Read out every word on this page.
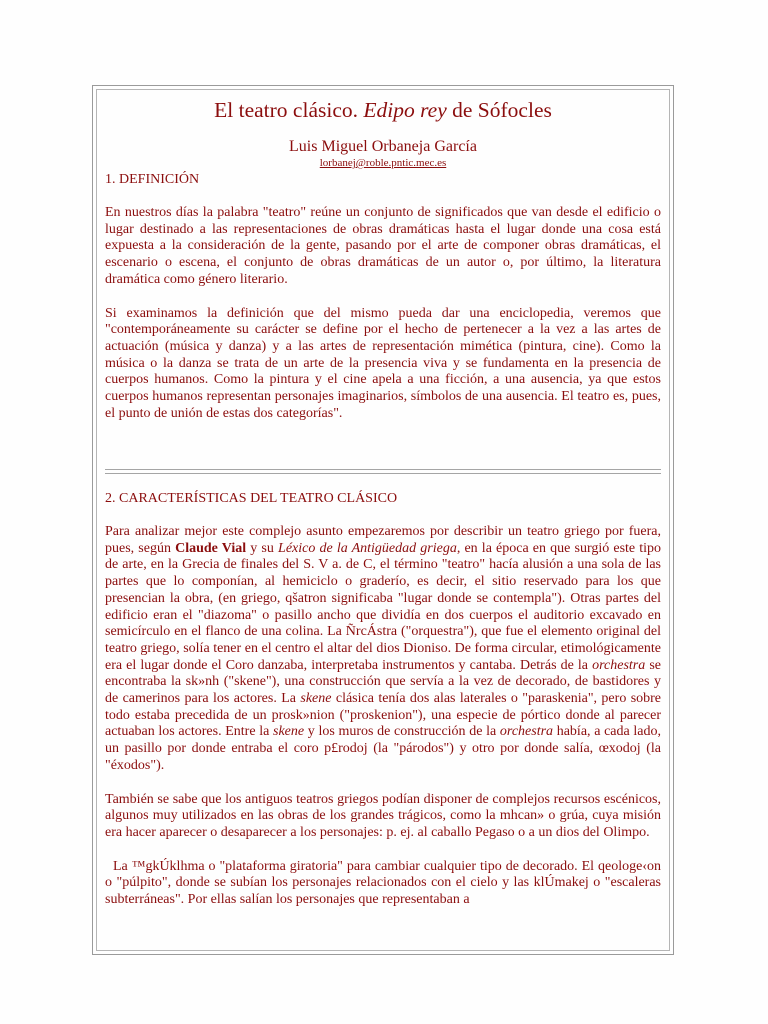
El teatro clásico. Edipo rey de Sófocles
Luis Miguel Orbaneja García
lorbanej@roble.pntic.mec.es
1. DEFINICIÓN

En nuestros días la palabra "teatro" reúne un conjunto de significados que van desde el edificio o lugar destinado a las representaciones de obras dramáticas hasta el lugar donde una cosa está expuesta a la consideración de la gente, pasando por el arte de componer obras dramáticas, el escenario o escena, el conjunto de obras dramáticas de un autor o, por último, la literatura dramática como género literario.

Si examinamos la definición que del mismo pueda dar una enciclopedia, veremos que "contemporáneamente su carácter se define por el hecho de pertenecer a la vez a las artes de actuación (música y danza) y a las artes de representación mimética (pintura, cine). Como la música o la danza se trata de un arte de la presencia viva y se fundamenta en la presencia de cuerpos humanos. Como la pintura y el cine apela a una ficción, a una ausencia, ya que estos cuerpos humanos representan personajes imaginarios, símbolos de una ausencia. El teatro es, pues, el punto de unión de estas dos categorías".

2. CARACTERÍSTICAS DEL TEATRO CLÁSICO

Para analizar mejor este complejo asunto empezaremos por describir un teatro griego por fuera, pues, según Claude Vial y su Léxico de la Antigüedad griega, en la época en que surgió este tipo de arte, en la Grecia de finales del S. V a. de C, el término "teatro" hacía alusión a una sola de las partes que lo componían, al hemiciclo o graderío, es decir, el sitio reservado para los que presencian la obra, (en griego, qšatron significaba "lugar donde se contempla"). Otras partes del edificio eran el "diazoma" o pasillo ancho que dividía en dos cuerpos el auditorio excavado en semicírculo en el flanco de una colina. La ÑrcÁstra ("orquestra"), que fue el elemento original del teatro griego, solía tener en el centro el altar del dios Dioniso. De forma circular, etimológicamente era el lugar donde el Coro danzaba, interpretaba instrumentos y cantaba. Detrás de la orchestra se encontraba la sk»nh ("skene"), una construcción que servía a la vez de decorado, de bastidores y de camerinos para los actores. La skene clásica tenía dos alas laterales o "paraskenia", pero sobre todo estaba precedida de un prosk»nion ("proskenion"), una especie de pórtico donde al parecer actuaban los actores. Entre la skene y los muros de construcción de la orchestra había, a cada lado, un pasillo por donde entraba el coro p£rodoj (la "párodos") y otro por donde salía, œxodoj (la "éxodos").

También se sabe que los antiguos teatros griegos podían disponer de complejos recursos escénicos, algunos muy utilizados en las obras de los grandes trágicos, como la mhcan» o grúa, cuya misión era hacer aparecer o desaparecer a los personajes: p. ej. al caballo Pegaso o a un dios del Olimpo.

La ™gkÚklhma o "plataforma giratoria" para cambiar cualquier tipo de decorado. El qeologe‹on o "púlpito", donde se subían los personajes relacionados con el cielo y las klÚmakej o "escaleras subterráneas". Por ellas salían los personajes que representaban a
